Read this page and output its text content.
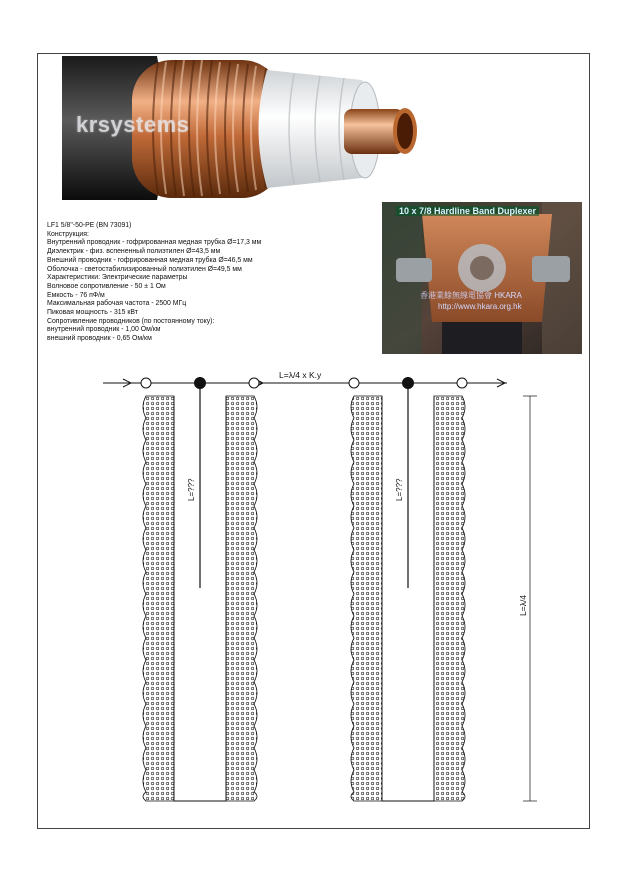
krsystems
LF1 5/8"-50-PE (BN 73091)
Конструкция:
Внутренний проводник - гофрированная медная трубка Ø=17,3 мм
Диэлектрик - физ. вспененный полиэтилен Ø=43,5 мм
Внешний проводник - гофрированная медная трубка Ø=46,5 мм
Оболочка - светостабилизированный полиэтилен Ø=49,5 мм
Характеристики: Электрические параметры
Волновое сопротивление - 50 ± 1 Ом
Емкость - 76 пФ/м
Максимальная рабочая частота - 2500 МГц
Пиковая мощность - 315 кВт
Сопротивление проводников (по постоянному току):
внутренний проводник - 1,00 Ом/км
внешний проводник - 0,65 Ом/км
10 x 7/8 Hardline Band Duplexer
香港業餘無線電協會 HKARA
http://www.hkara.org.hk
L=λ/4 x K.y
L=???	L=???
L=λ/4
